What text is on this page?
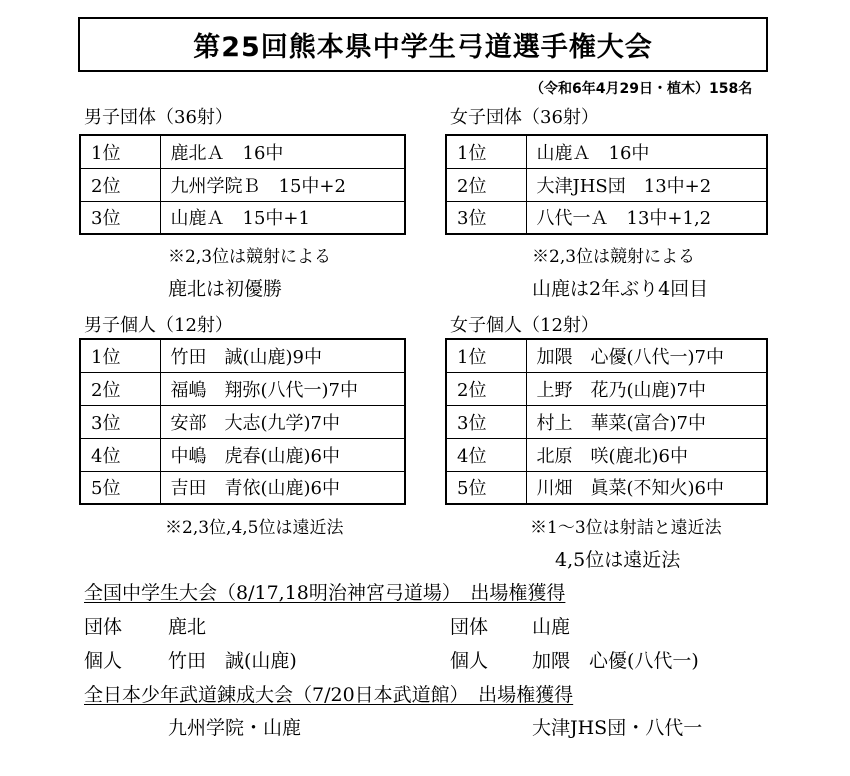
第25回熊本県中学生弓道選手権大会
（令和6年4月29日・植木）158名
男子団体（36射）
1位	鹿北Ａ　16中
2位	九州学院Ｂ　15中+2
3位	山鹿Ａ　15中+1
※2,3位は競射による
鹿北は初優勝
女子団体（36射）
1位	山鹿Ａ　16中
2位	大津JHS団　13中+2
3位	八代一Ａ　13中+1,2
※2,3位は競射による
山鹿は2年ぶり4回目
男子個人（12射）
1位	竹田　誠(山鹿)9中
2位	福嶋　翔弥(八代一)7中
3位	安部　大志(九学)7中
4位	中嶋　虎春(山鹿)6中
5位	吉田　青依(山鹿)6中
※2,3位,4,5位は遠近法
女子個人（12射）
1位	加隈　心優(八代一)7中
2位	上野　花乃(山鹿)7中
3位	村上　華菜(富合)7中
4位	北原　咲(鹿北)6中
5位	川畑　眞菜(不知火)6中
※1～3位は射詰と遠近法
4,5位は遠近法
全国中学生大会（8/17,18明治神宮弓道場）　出場権獲得
団体 鹿北	団体 山鹿
個人 竹田　誠(山鹿)	個人 加隈　心優(八代一)
全日本少年武道錬成大会（7/20日本武道館）　出場権獲得
九州学院・山鹿	大津JHS団・八代一
